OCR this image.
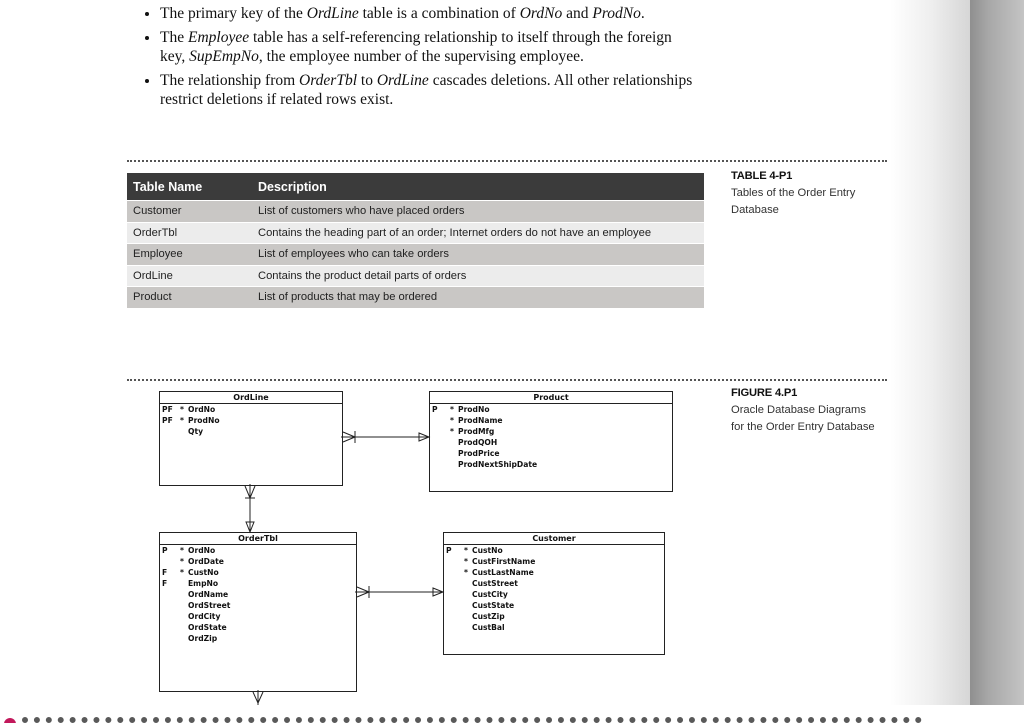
• The primary key of the OrdLine table is a combination of OrdNo and ProdNo.
• The Employee table has a self-referencing relationship to itself through the foreign key, SupEmpNo, the employee number of the supervising employee.
• The relationship from OrderTbl to OrdLine cascades deletions. All other relationships restrict deletions if related rows exist.
Table Name	Description
Customer	List of customers who have placed orders
OrderTbl	Contains the heading part of an order; Internet orders do not have an employee
Employee	List of employees who can take orders
OrdLine	Contains the product detail parts of orders
Product	List of products that may be ordered
TABLE 4-P1
Tables of the Order Entry Database
FIGURE 4.P1
Oracle Database Diagrams for the Order Entry Database
OrdLine
PF * OrdNo
PF * ProdNo
Qty
Product
P	* ProdNo
* ProdName
* ProdMfg
ProdQOH
ProdPrice
ProdNextShipDate
OrderTbl
P	* OrdNo
* OrdDate
F	* CustNo
F	EmpNo
OrdName
OrdStreet
OrdCity
OrdState
OrdZip
Customer
P	* CustNo
* CustFirstName
* CustLastName
CustStreet
CustCity
CustState
CustZip
CustBal
